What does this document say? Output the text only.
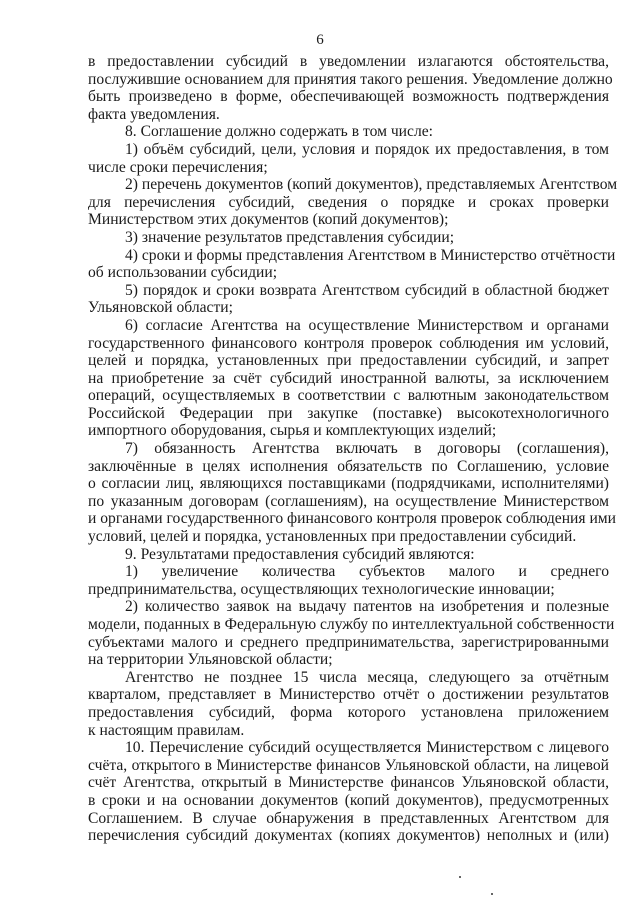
6
в предоставлении субсидий в уведомлении излагаются обстоятельства,
послужившие основанием для принятия такого решения. Уведомление должно
быть произведено в форме, обеспечивающей возможность подтверждения
факта уведомления.
8. Соглашение должно содержать в том числе:
1) объём субсидий, цели, условия и порядок их предоставления, в том
числе сроки перечисления;
2) перечень документов (копий документов), представляемых Агентством
для перечисления субсидий, сведения о порядке и сроках проверки
Министерством этих документов (копий документов);
3) значение результатов представления субсидии;
4) сроки и формы представления Агентством в Министерство отчётности
об использовании субсидии;
5) порядок и сроки возврата Агентством субсидий в областной бюджет
Ульяновской области;
6) согласие Агентства на осуществление Министерством и органами
государственного финансового контроля проверок соблюдения им условий,
целей и порядка, установленных при предоставлении субсидий, и запрет
на приобретение за счёт субсидий иностранной валюты, за исключением
операций, осуществляемых в соответствии с валютным законодательством
Российской Федерации при закупке (поставке) высокотехнологичного
импортного оборудования, сырья и комплектующих изделий;
7) обязанность Агентства включать в договоры (соглашения),
заключённые в целях исполнения обязательств по Соглашению, условие
о согласии лиц, являющихся поставщиками (подрядчиками, исполнителями)
по указанным договорам (соглашениям), на осуществление Министерством
и органами государственного финансового контроля проверок соблюдения ими
условий, целей и порядка, установленных при предоставлении субсидий.
9. Результатами предоставления субсидий являются:
1) увеличение количества субъектов малого и среднего
предпринимательства, осуществляющих технологические инновации;
2) количество заявок на выдачу патентов на изобретения и полезные
модели, поданных в Федеральную службу по интеллектуальной собственности
субъектами малого и среднего предпринимательства, зарегистрированными
на территории Ульяновской области;
Агентство не позднее 15 числа месяца, следующего за отчётным
кварталом, представляет в Министерство отчёт о достижении результатов
предоставления субсидий, форма которого установлена приложением
к настоящим правилам.
10. Перечисление субсидий осуществляется Министерством с лицевого
счёта, открытого в Министерстве финансов Ульяновской области, на лицевой
счёт Агентства, открытый в Министерстве финансов Ульяновской области,
в сроки и на основании документов (копий документов), предусмотренных
Соглашением. В случае обнаружения в представленных Агентством для
перечисления субсидий документах (копиях документов) неполных и (или)
